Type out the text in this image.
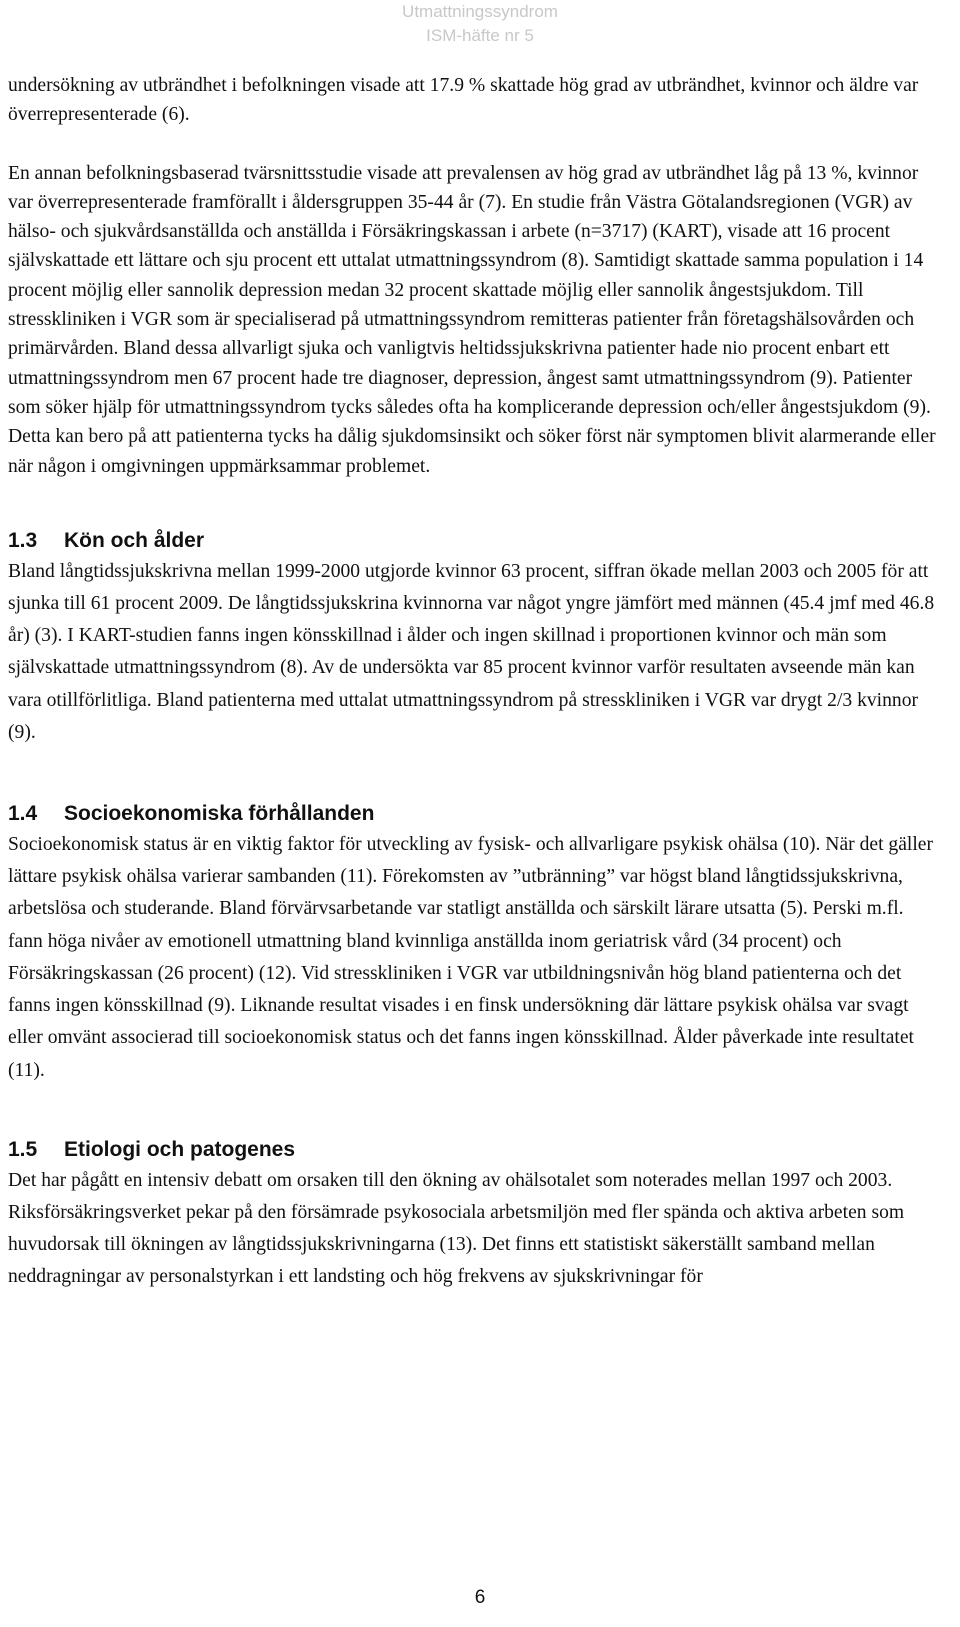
Utmattningssyndrom
ISM-häfte nr 5

undersökning av utbrändhet i befolkningen visade att 17.9 % skattade hög grad av utbrändhet, kvinnor och äldre var överrepresenterade (6).

En annan befolkningsbaserad tvärsnittsstudie visade att prevalensen av hög grad av utbrändhet låg på 13 %, kvinnor var överrepresenterade framförallt i åldersgruppen 35-44 år (7). En studie från Västra Götalandsregionen (VGR) av hälso- och sjukvårdsanställda och anställda i Försäkringskassan i arbete (n=3717) (KART), visade att 16 procent självskattade ett lättare och sju procent ett uttalat utmattningssyndrom (8). Samtidigt skattade samma population i 14 procent möjlig eller sannolik depression medan 32 procent skattade möjlig eller sannolik ångestsjukdom. Till stresskliniken i VGR som är specialiserad på utmattningssyndrom remitteras patienter från företagshälsovården och primärvården. Bland dessa allvarligt sjuka och vanligtvis heltidssjukskrivna patienter hade nio procent enbart ett utmattningssyndrom men 67 procent hade tre diagnoser, depression, ångest samt utmattningssyndrom (9). Patienter som söker hjälp för utmattningssyndrom tycks således ofta ha komplicerande depression och/eller ångestsjukdom (9). Detta kan bero på att patienterna tycks ha dålig sjukdomsinsikt och söker först när symptomen blivit alarmerande eller när någon i omgivningen uppmärksammar problemet.

1.3 Kön och ålder

Bland långtidssjukskrivna mellan 1999-2000 utgjorde kvinnor 63 procent, siffran ökade mellan 2003 och 2005 för att sjunka till 61 procent 2009. De långtidssjukskrina kvinnorna var något yngre jämfört med männen (45.4 jmf med 46.8 år) (3). I KART-studien fanns ingen könsskillnad i ålder och ingen skillnad i proportionen kvinnor och män som självskattade utmattningssyndrom (8). Av de undersökta var 85 procent kvinnor varför resultaten avseende män kan vara otillförlitliga. Bland patienterna med uttalat utmattningssyndrom på stresskliniken i VGR var drygt 2/3 kvinnor (9).

1.4 Socioekonomiska förhållanden

Socioekonomisk status är en viktig faktor för utveckling av fysisk- och allvarligare psykisk ohälsa (10). När det gäller lättare psykisk ohälsa varierar sambanden (11). Förekomsten av ”utbränning” var högst bland långtidssjukskrivna, arbetslösa och studerande. Bland förvärvsarbetande var statligt anställda och särskilt lärare utsatta (5). Perski m.fl. fann höga nivåer av emotionell utmattning bland kvinnliga anställda inom geriatrisk vård (34 procent) och Försäkringskassan (26 procent) (12). Vid stresskliniken i VGR var utbildningsnivån hög bland patienterna och det fanns ingen könsskillnad (9). Liknande resultat visades i en finsk undersökning där lättare psykisk ohälsa var svagt eller omvänt associerad till socioekonomisk status och det fanns ingen könsskillnad. Ålder påverkade inte resultatet (11).

1.5 Etiologi och patogenes

Det har pågått en intensiv debatt om orsaken till den ökning av ohälsotalet som noterades mellan 1997 och 2003. Riksförsäkringsverket pekar på den försämrade psykosociala arbetsmiljön med fler spända och aktiva arbeten som huvudorsak till ökningen av långtidssjukskrivningarna (13). Det finns ett statistiskt säkerställt samband mellan neddragningar av personalstyrkan i ett landsting och hög frekvens av sjukskrivningar för

6
